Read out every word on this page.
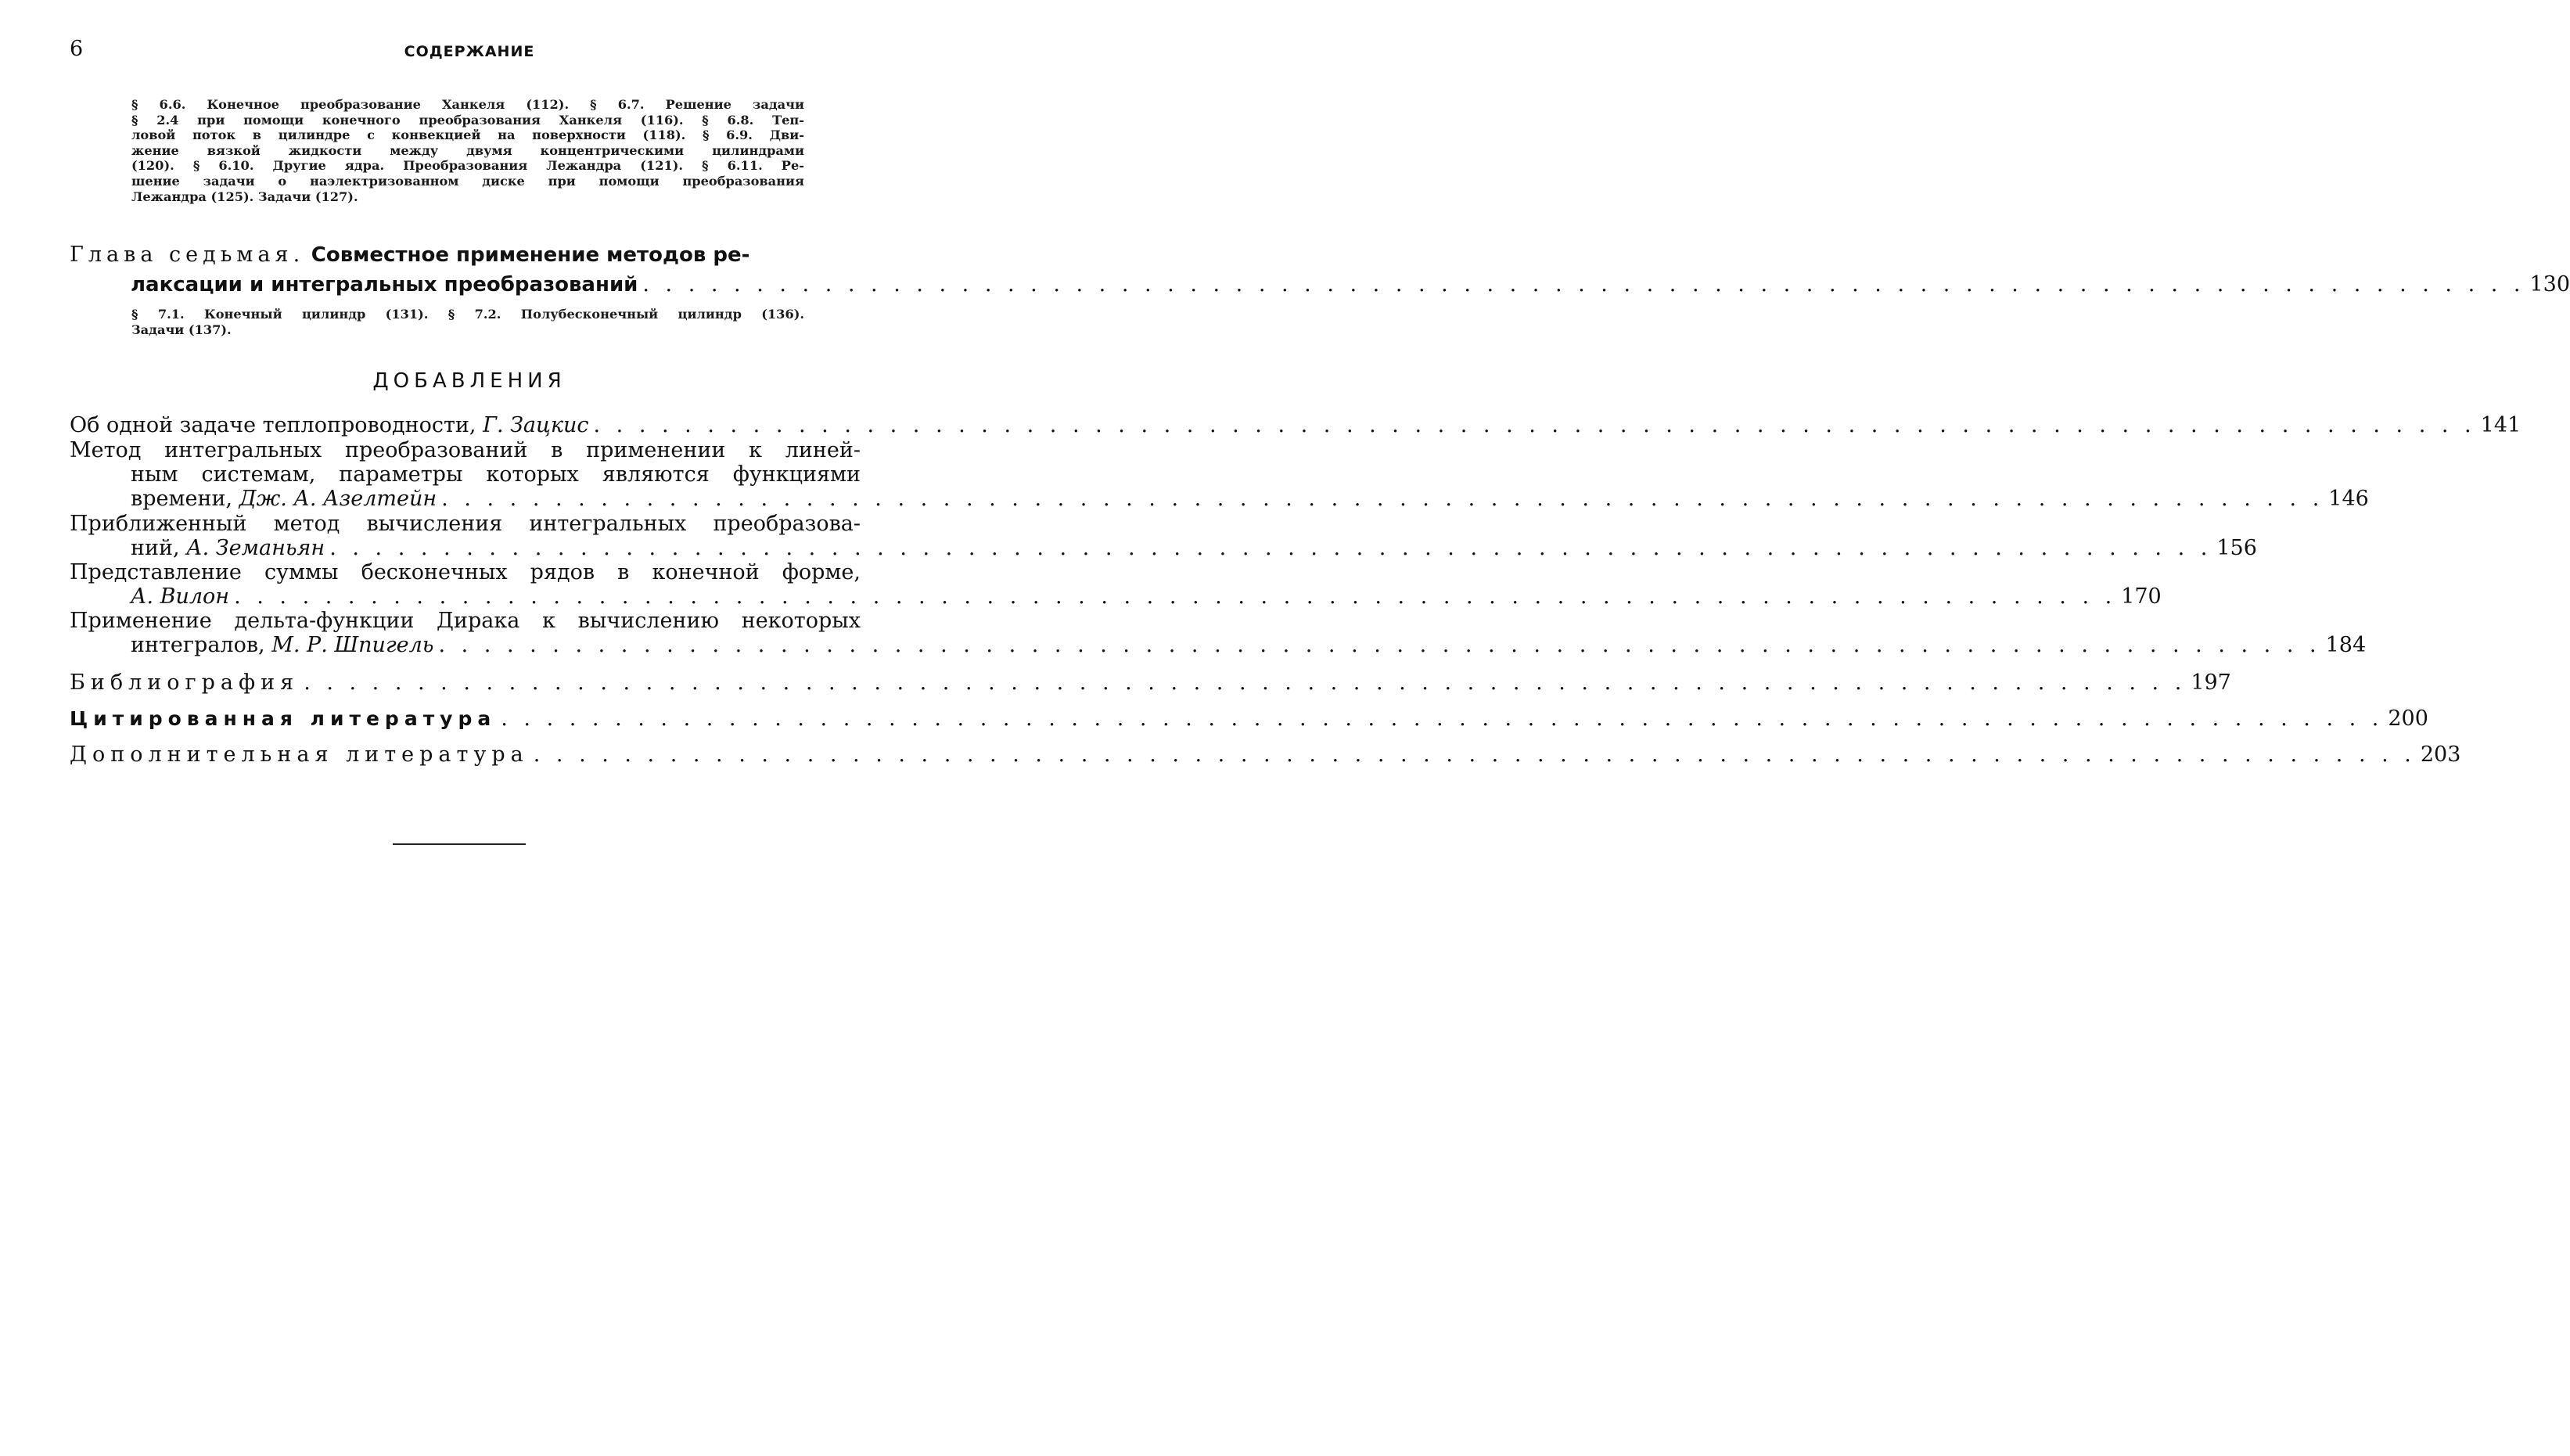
6	СОДЕРЖАНИЕ
§ 6.6. Конечное преобразование Ханкеля (112). § 6.7. Решение задачи
§ 2.4 при помощи конечного преобразования Ханкеля (116). § 6.8. Теп-
ловой поток в цилиндре с конвекцией на поверхности (118). § 6.9. Дви-
жение вязкой жидкости между двумя концентрическими цилиндрами
(120). § 6.10. Другие ядра. Преобразования Лежандра (121). § 6.11. Ре-
шение задачи о наэлектризованном диске при помощи преобразования
Лежандра (125). Задачи (127).
Глава седьмая. Совместное применение методов ре-
лаксации и интегральных преобразований . . .	130
§ 7.1. Конечный цилиндр (131). § 7.2. Полубесконечный цилиндр (136).
Задачи (137).
ДОБАВЛЕНИЯ
Об одной задаче теплопроводности, Г. Зацкис . . .	141
Метод интегральных преобразований в применении к линей-
ным системам, параметры которых являются функциями
времени, Дж. А. Азелтейн . . .	146
Приближенный метод вычисления интегральных преобразова-
ний, А. Земаньян . . .	156
Представление суммы бесконечных рядов в конечной форме,
А. Вилон . . .	170
Применение дельта-функции Дирака к вычислению некоторых
интегралов, М. Р. Шпигель . . .	184
Библиография . . .	197
Цитированная литература . . .	200
Дополнительная литература . . .	203
